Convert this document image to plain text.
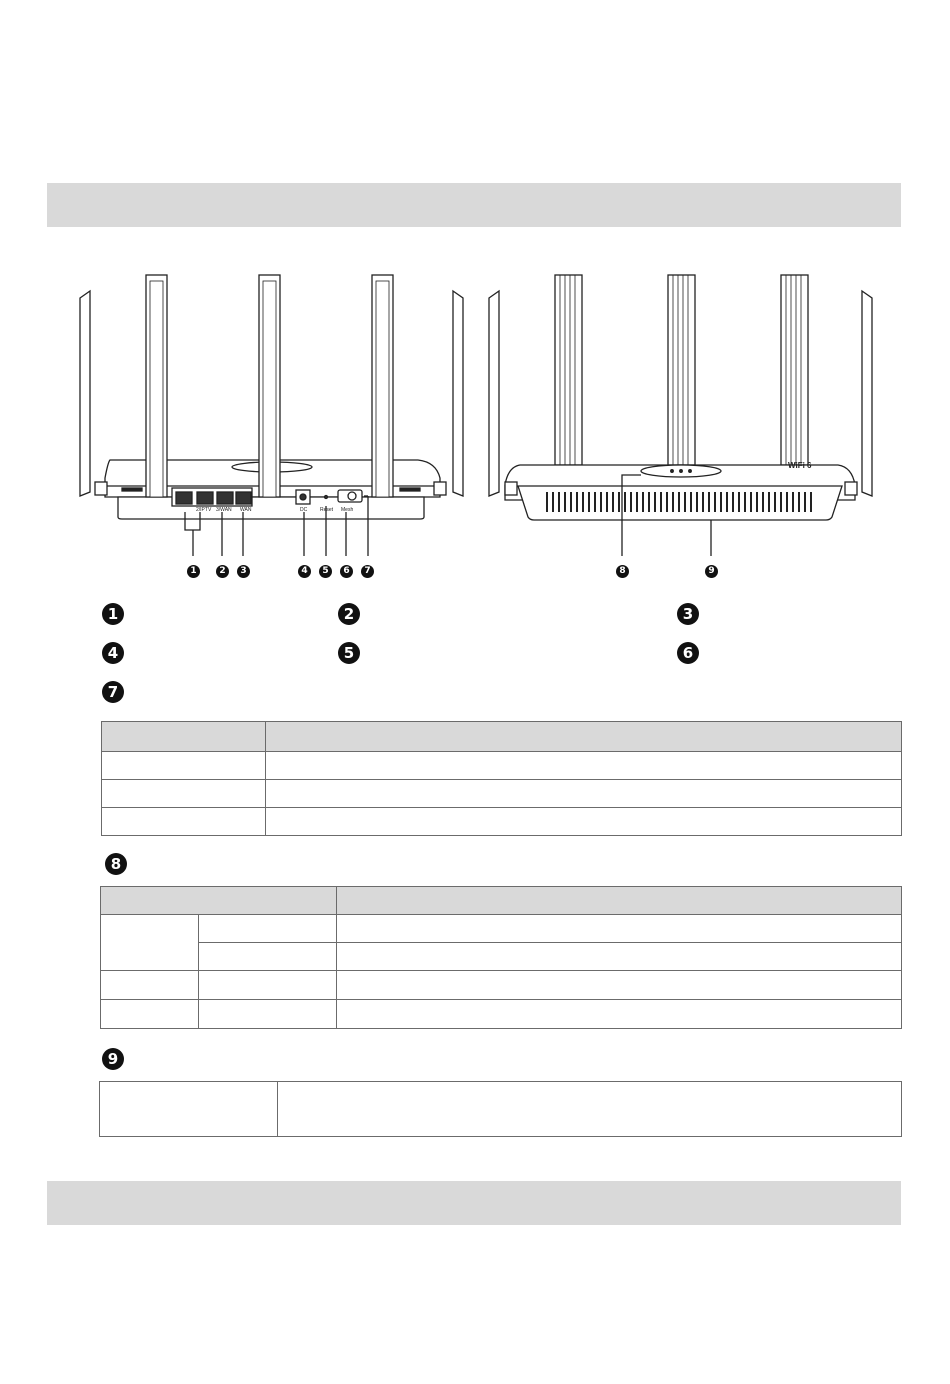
2/IPTV 3/WAN WAN	DC	Reset Mesh
WiFi 6
1	2	3	4	5	6	7	8	9
1	2	3
4	5	6
7

8

9
